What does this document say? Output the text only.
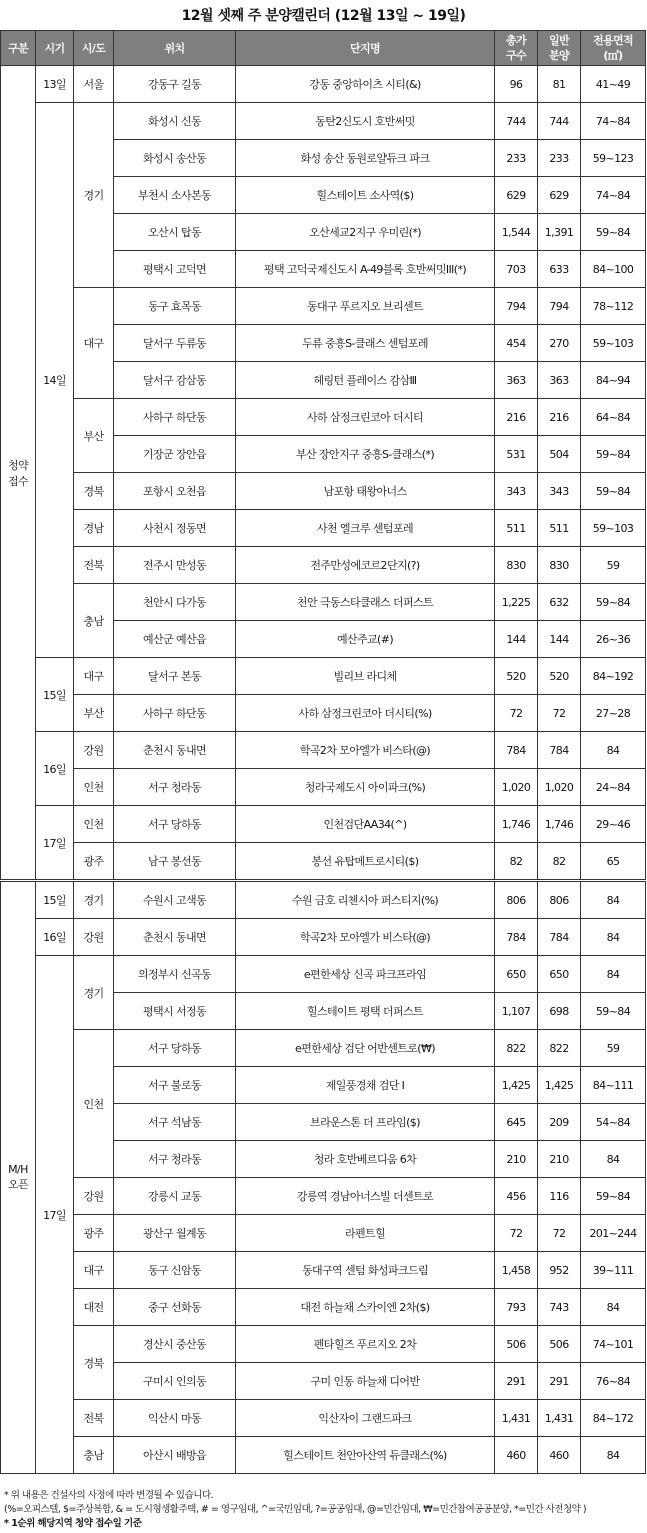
12월 셋째 주 분양캘린더 (12월 13일 ~ 19일)
구분	시기	시/도	위치	단지명	총가
구수	일반
분양	전용면적
(㎡)
청약
접수	13일	서울	강동구 길동	강동 중앙하이츠 시티(&)	96	81	41~49
	14일	경기	화성시 신동	동탄2신도시 호반써밋	744	744	74~84
			화성시 송산동	화성 송산 동원로얄듀크 파크	233	233	59~123
			부천시 소사본동	힐스테이트 소사역($)	629	629	74~84
			오산시 탑동	오산세교2지구 우미린(*)	1,544	1,391	59~84
			평택시 고덕면	평택 고덕국제신도시 A-49블록 호반써밋III(*)	703	633	84~100
		대구	동구 효목동	동대구 푸르지오 브리센트	794	794	78~112
			달서구 두류동	두류 중흥S-클래스 센텀포레	454	270	59~103
			달서구 감삼동	헤링턴 플레이스 감삼Ⅲ	363	363	84~94
		부산	사하구 하단동	사하 삼정크린코아 더시티	216	216	64~84
			기장군 장안읍	부산 장안지구 중흥S-클래스(*)	531	504	59~84
		경북	포항시 오천읍	남포항 태왕아너스	343	343	59~84
		경남	사천시 정동면	사천 엘크루 센텀포레	511	511	59~103
		전북	전주시 만성동	전주만성에코르2단지(?)	830	830	59
		충남	천안시 다가동	천안 극동스타클래스 더퍼스트	1,225	632	59~84
			예산군 예산읍	예산주교(#)	144	144	26~36
	15일	대구	달서구 본동	빌리브 라디체	520	520	84~192
		부산	사하구 하단동	사하 삼정크린코아 더시티(%)	72	72	27~28
	16일	강원	춘천시 동내면	학곡2차 모아엘가 비스타(@)	784	784	84
		인천	서구 청라동	청라국제도시 아이파크(%)	1,020	1,020	24~84
	17일	인천	서구 당하동	인천검단AA34(^)	1,746	1,746	29~46
		광주	남구 봉선동	봉선 유탑메트로시티($)	82	82	65
M/H
오픈	15일	경기	수원시 고색동	수원 금호 리첸시아 퍼스티지(%)	806	806	84
	16일	강원	춘천시 동내면	학곡2차 모아엘가 비스타(@)	784	784	84
	17일	경기	의정부시 신곡동	e편한세상 신곡 파크프라임	650	650	84
			평택시 서정동	힐스테이트 평택 더퍼스트	1,107	698	59~84
		인천	서구 당하동	e편한세상 검단 어반센트로(₩)	822	822	59
			서구 불로동	제일풍경채 검단 Ⅰ	1,425	1,425	84~111
			서구 석남동	브라운스톤 더 프라임($)	645	209	54~84
			서구 청라동	청라 호반베르디움 6차	210	210	84
		강원	강릉시 교동	강릉역 경남아너스빌 더센트로	456	116	59~84
		광주	광산구 월계동	라펜트힐	72	72	201~244
		대구	동구 신암동	동대구역 센텀 화성파크드림	1,458	952	39~111
		대전	중구 선화동	대전 하늘채 스카이엔 2차($)	793	743	84
		경북	경산시 중산동	펜타힐즈 푸르지오 2차	506	506	74~101
			구미시 인의동	구미 인동 하늘채 디어반	291	291	76~84
		전북	익산시 마동	익산자이 그랜드파크	1,431	1,431	84~172
		충남	아산시 배방읍	힐스테이트 천안아산역 듀클래스(%)	460	460	84
* 위 내용은 건설사의 사정에 따라 변경될 수 있습니다.
(%=오피스텔, $=주상복합, & = 도시형생활주택, # = 영구임대, ^=국민임대, ?=공공임대, @=민간임대, ₩=민간참여공공분양, *=민간 사전청약 )
* 1순위 해당지역 청약 접수일 기준
